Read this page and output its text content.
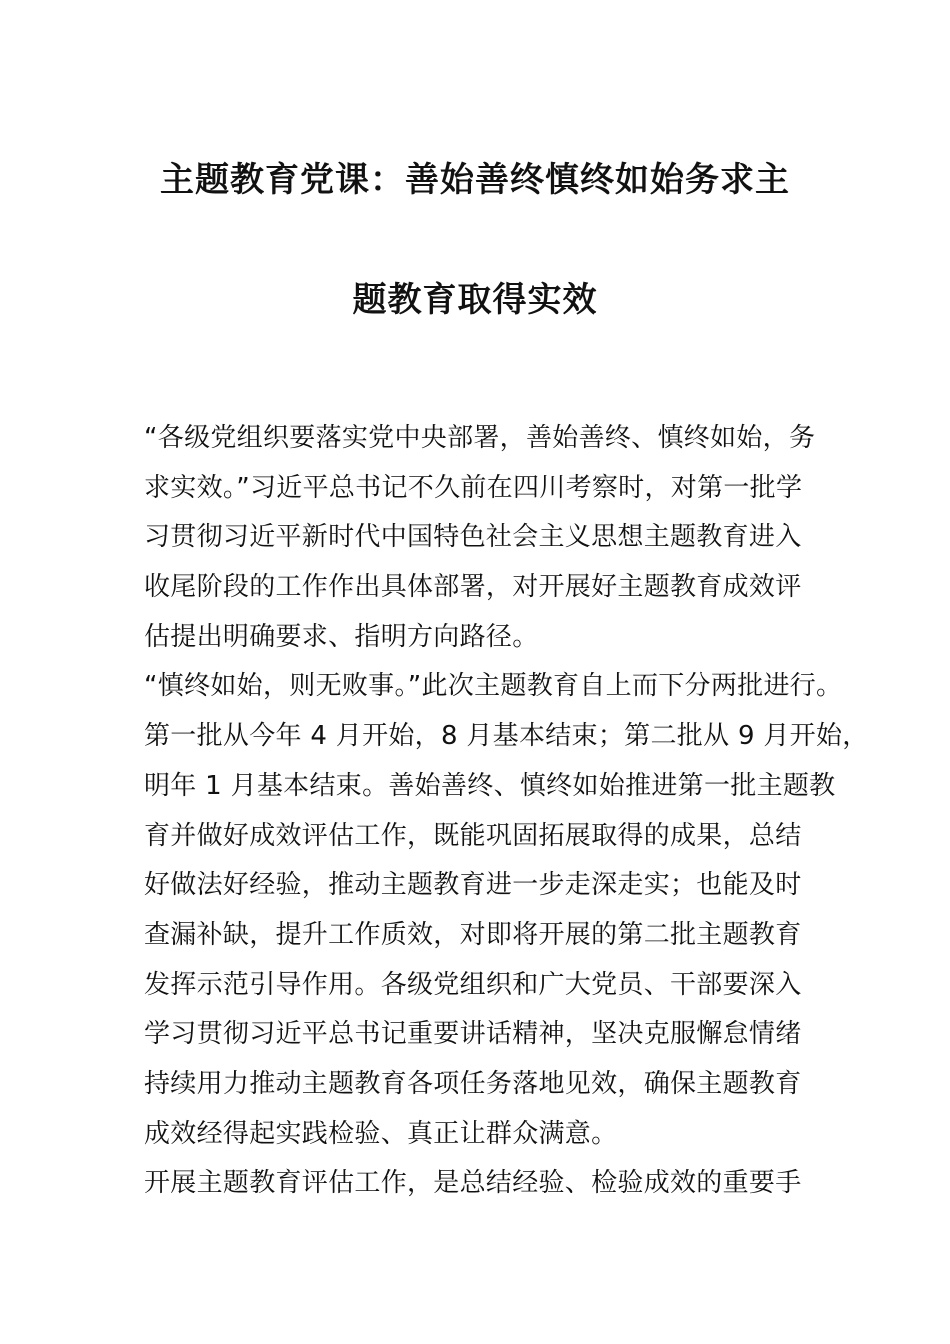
主题教育党课：善始善终慎终如始务求主
题教育取得实效
“各级党组织要落实党中央部署，善始善终、慎终如始，务
求实效。”习近平总书记不久前在四川考察时，对第一批学
习贯彻习近平新时代中国特色社会主义思想主题教育进入
收尾阶段的工作作出具体部署，对开展好主题教育成效评
估提出明确要求、指明方向路径。
“慎终如始，则无败事。”此次主题教育自上而下分两批进行。
第一批从今年 4 月开始，8 月基本结束；第二批从 9 月开始，
明年 1 月基本结束。善始善终、慎终如始推进第一批主题教
育并做好成效评估工作，既能巩固拓展取得的成果，总结
好做法好经验，推动主题教育进一步走深走实；也能及时
查漏补缺，提升工作质效，对即将开展的第二批主题教育
发挥示范引导作用。各级党组织和广大党员、干部要深入
学习贯彻习近平总书记重要讲话精神，坚决克服懈怠情绪
持续用力推动主题教育各项任务落地见效，确保主题教育
成效经得起实践检验、真正让群众满意。
开展主题教育评估工作，是总结经验、检验成效的重要手
